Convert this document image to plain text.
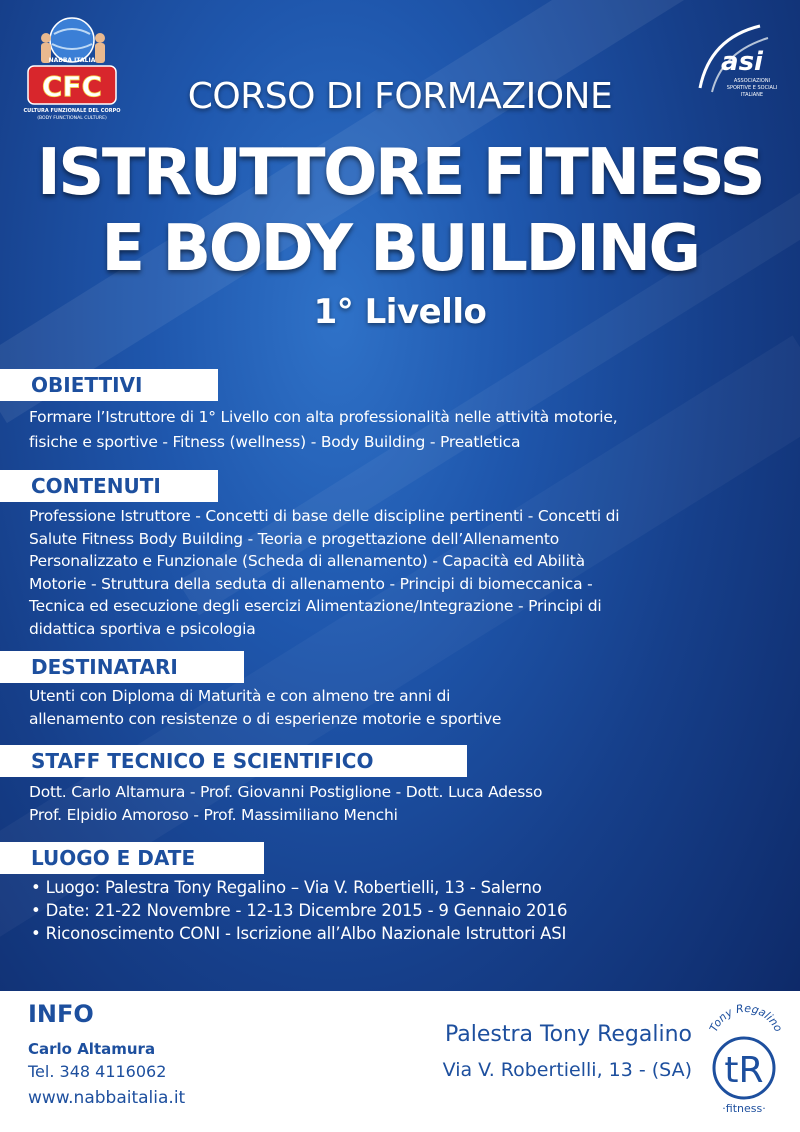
NABBA ITALIA
CFC
CULTURA FUNZIONALE DEL CORPO
(BODY FUNCTIONAL CULTURE)
asi
ASSOCIAZIONI
SPORTIVE E SOCIALI
ITALIANE
CORSO DI FORMAZIONE
ISTRUTTORE FITNESS
E BODY BUILDING
1° Livello
OBIETTIVI
Formare l’Istruttore di 1° Livello con alta professionalità nelle attività motorie,
fisiche e sportive - Fitness (wellness) - Body Building - Preatletica
CONTENUTI
Professione Istruttore - Concetti di base delle discipline pertinenti - Concetti di
Salute Fitness Body Building - Teoria e progettazione dell’Allenamento
Personalizzato e Funzionale (Scheda di allenamento) - Capacità ed Abilità
Motorie - Struttura della seduta di allenamento - Principi di biomeccanica -
Tecnica ed esecuzione degli esercizi Alimentazione/Integrazione - Principi di
didattica sportiva e psicologia
DESTINATARI
Utenti con Diploma di Maturità e con almeno tre anni di
allenamento con resistenze o di esperienze motorie e sportive
STAFF TECNICO E SCIENTIFICO
Dott. Carlo Altamura - Prof. Giovanni Postiglione - Dott. Luca Adesso
Prof. Elpidio Amoroso - Prof. Massimiliano Menchi
LUOGO E DATE
• Luogo: Palestra Tony Regalino – Via V. Robertielli, 13 - Salerno
• Date: 21-22 Novembre - 12-13 Dicembre 2015 - 9 Gennaio 2016
• Riconoscimento CONI - Iscrizione all’Albo Nazionale Istruttori ASI
INFO
Carlo Altamura
Tel. 348 4116062
www.nabbaitalia.it
Palestra Tony Regalino
Via V. Robertielli, 13 - (SA)
Tony Regalino
tR
·fitness·
